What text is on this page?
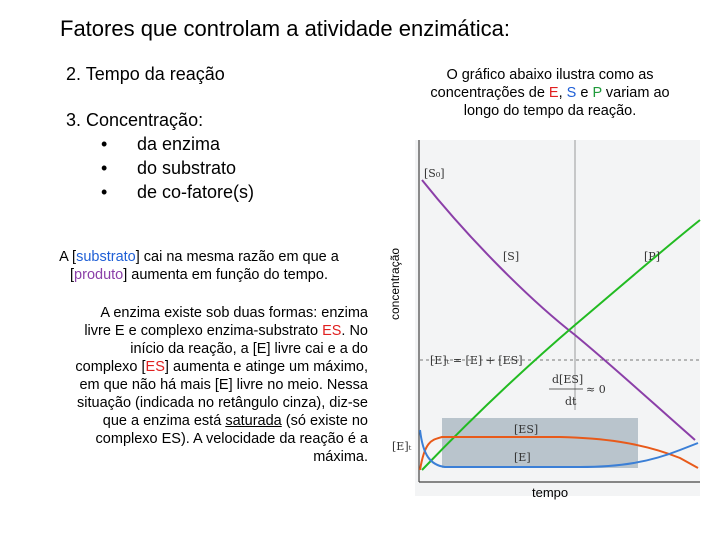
Fatores que controlam a atividade enzimática:
2. Tempo da reação
3. Concentração:
• da enzima
• do substrato
• de co-fatore(s)
O gráfico abaixo ilustra como as
concentrações de E, S e P variam ao
longo do tempo da reação.
A [substrato] cai na mesma razão em que a
[produto] aumenta em função do tempo.
A enzima existe sob duas formas: enzima
livre E e complexo enzima-substrato ES. No
início da reação, a [E] livre cai e a do
complexo [ES] aumenta e atinge um máximo,
em que não há mais [E] livre no meio. Nessa
situação (indicada no retângulo cinza), diz-se
que a enzima está saturada (só existe no
complexo ES). A velocidade da reação é a
máxima.
concentração
[S₀]
[S]	[P]
[E]ₜ = [E] + [ES]
d[ES]
dt
≈ 0
[ES]
[E]
[E]ₜ
tempo
